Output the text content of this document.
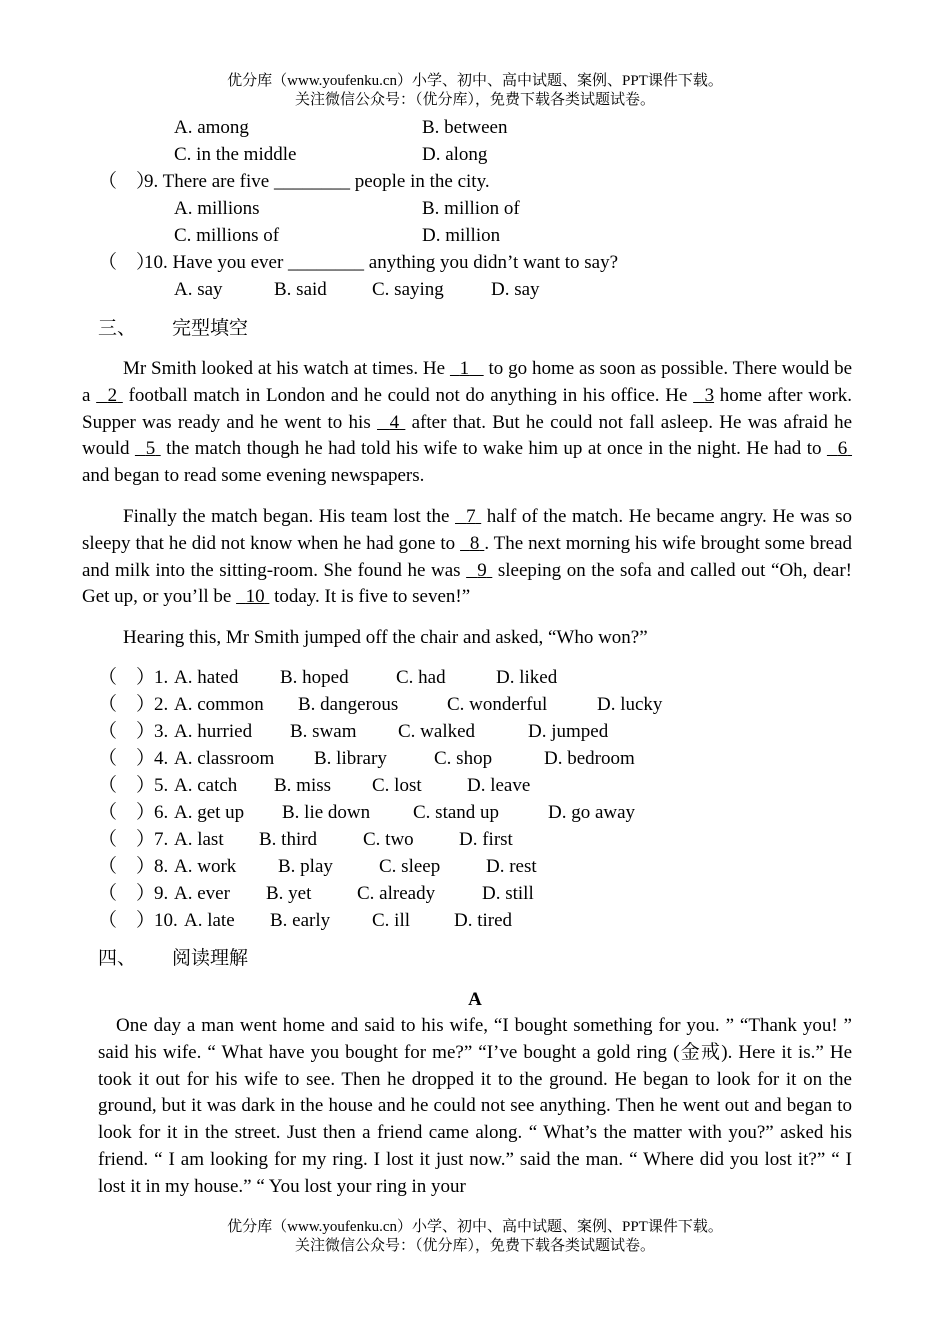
优分库（www.youfenku.cn）小学、初中、高中试题、案例、PPT课件下载。
关注微信公众号：（优分库），免费下载各类试题试卷。
A. among	B. between
C. in the middle	D. along
（　）9. There are five ________ people in the city.
A. millions	B. million of
C. millions of	D. million
（　）10. Have you ever ________ anything you didn’t want to say?
A. say	B. said C. saying D. say
三、 完型填空
Mr Smith looked at his watch at times. He 1 to go home as soon as possible. There would be a 2 football match in London and he could not do anything in his office. He 3 home after work. Supper was ready and he went to his 4 after that. But he could not fall asleep. He was afraid he would 5 the match though he had told his wife to wake him up at once in the night. He had to 6  and began to read some evening newspapers.
Finally the match began. His team lost the 7 half of the match. He became angry. He was so sleepy that he did not know when he had gone to 8 . The next morning his wife brought some bread and milk into the sitting-room. She found he was 9 sleeping on the sofa and called out “Oh, dear! Get up, or you’ll be 10 today. It is five to seven!”
Hearing this, Mr Smith jumped off the chair and asked, “Who won?”
（　）
1. A. hated B. hoped C. had	D. liked
（　）
2. A. common B. dangerous	C. wonderful	D. lucky
（　）
3. A. hurried B. swam C. walked	D. jumped
（　）
4. A. classroom B. library C. shop	D. bedroom
（　）
5. A. catch B. miss C. lost D. leave
（　）
6. A. get up B. lie down C. stand up	D. go away
（　）
7. A. last B. third C. two D. first
（　）
8. A. work B. play C. sleep D. rest
（　）
9. A. ever B. yet C. already D. still
（　）
10. A. late B. early C. ill D. tired
四、 阅读理解
A
One day a man went home and said to his wife, “I bought something for you. ” “Thank you! ” said his wife. “ What have you bought for me?” “I’ve bought a gold ring (金戒). Here it is.” He took it out for his wife to see. Then he dropped it to the ground. He began to look for it on the ground, but it was dark in the house and he could not see anything. Then he went out and began to look for it in the street. Just then a friend came along. “ What’s the matter with you?” asked his friend. “ I am looking for my ring. I lost it just now.” said the man. “ Where did you lost it?” “ I lost it in my house.” “ You lost your ring in your
优分库（www.youfenku.cn）小学、初中、高中试题、案例、PPT课件下载。
关注微信公众号：（优分库），免费下载各类试题试卷。
